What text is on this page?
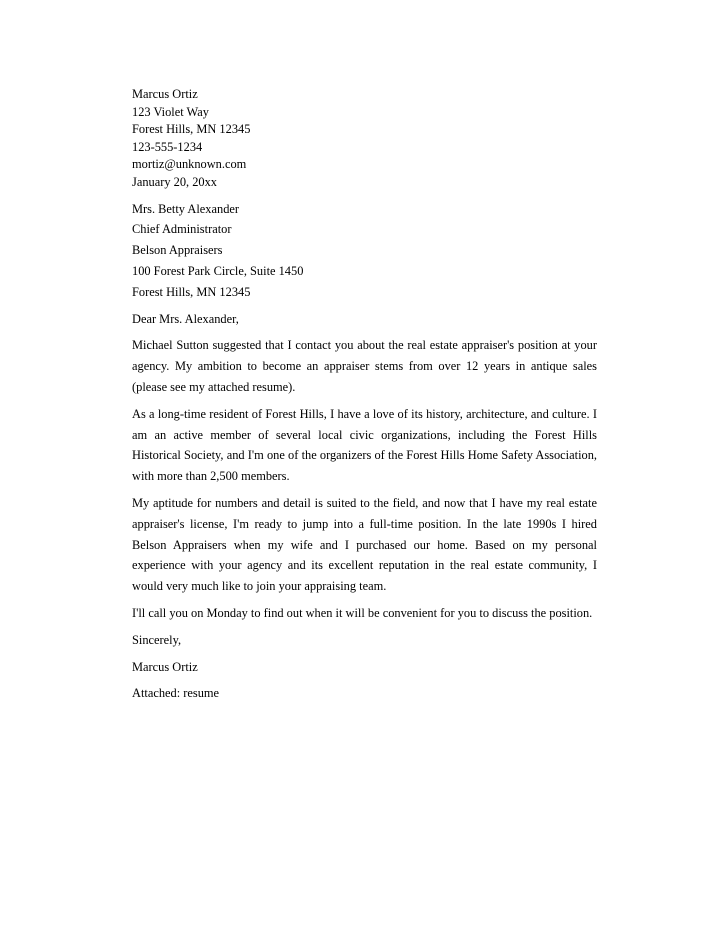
Marcus Ortiz
123 Violet Way
Forest Hills, MN 12345
123-555-1234
mortiz@unknown.com
January 20, 20xx
Mrs. Betty Alexander
Chief Administrator
Belson Appraisers
100 Forest Park Circle, Suite 1450
Forest Hills, MN 12345
Dear Mrs. Alexander,

Michael Sutton suggested that I contact you about the real estate appraiser's position at your agency. My ambition to become an appraiser stems from over 12 years in antique sales (please see my attached resume).

As a long-time resident of Forest Hills, I have a love of its history, architecture, and culture. I am an active member of several local civic organizations, including the Forest Hills Historical Society, and I'm one of the organizers of the Forest Hills Home Safety Association, with more than 2,500 members.

My aptitude for numbers and detail is suited to the field, and now that I have my real estate appraiser's license, I'm ready to jump into a full-time position. In the late 1990s I hired Belson Appraisers when my wife and I purchased our home. Based on my personal experience with your agency and its excellent reputation in the real estate community, I would very much like to join your appraising team.

I'll call you on Monday to find out when it will be convenient for you to discuss the position.

Sincerely,
Marcus Ortiz
Attached: resume
